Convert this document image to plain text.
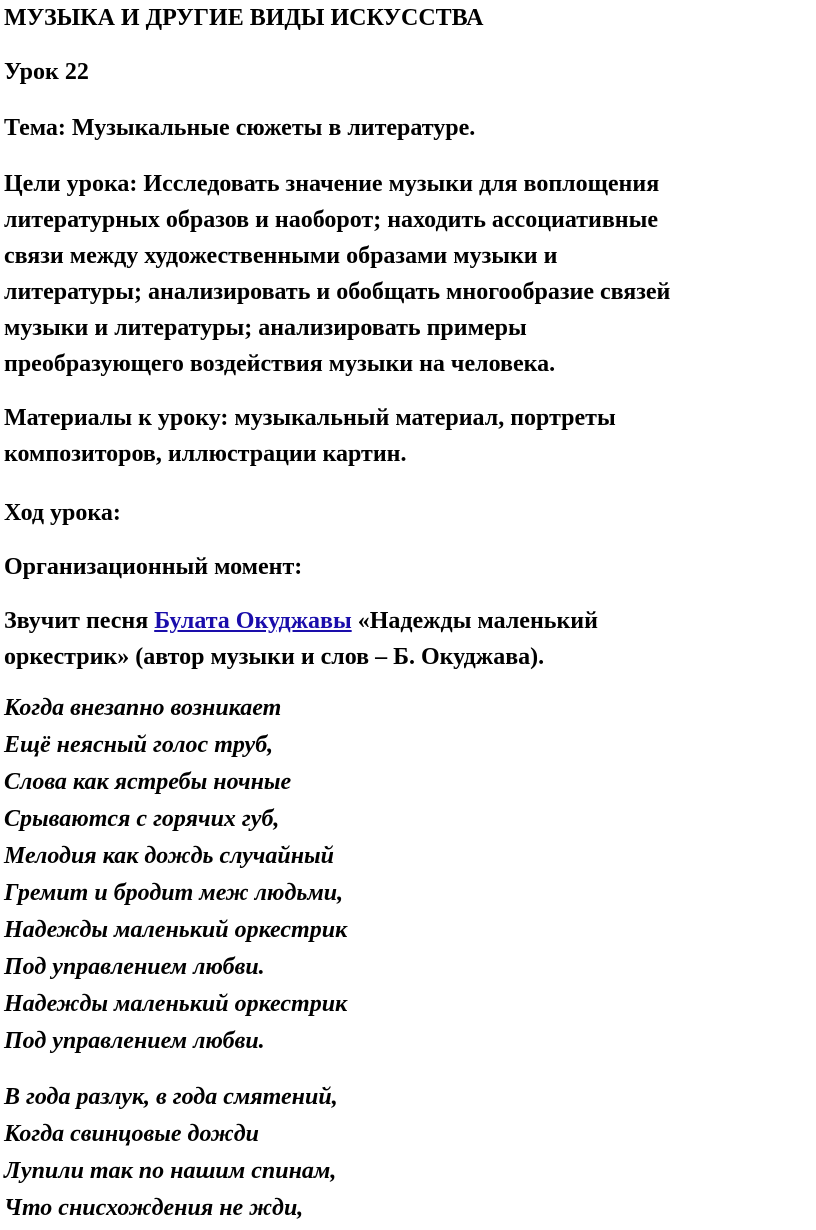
МУЗЫКА И ДРУГИЕ ВИДЫ ИСКУССТВА

Урок 22

Тема: Музыкальные сюжеты в литературе.

Цели урока: Исследовать значение музыки для воплощения
литературных образов и наоборот; находить ассоциативные
связи между художественными образами музыки и
литературы; анализировать и обобщать многообразие связей
музыки и литературы; анализировать примеры
преобразующего воздействия музыки на человека.

Материалы к уроку: музыкальный материал, портреты
композиторов, иллюстрации картин.

Ход урока:

Организационный момент:

Звучит песня Булата Окуджавы «Надежды маленький
оркестрик» (автор музыки и слов – Б. Окуджава).

Когда внезапно возникает
Ещё неясный голос труб,
Слова как ястребы ночные
Срываются с горячих губ,
Мелодия как дождь случайный
Гремит и бродит меж людьми,
Надежды маленький оркестрик
Под управлением любви.
Надежды маленький оркестрик
Под управлением любви.

В года разлук, в года смятений,
Когда свинцовые дожди
Лупили так по нашим спинам,
Что снисхождения не жди,
